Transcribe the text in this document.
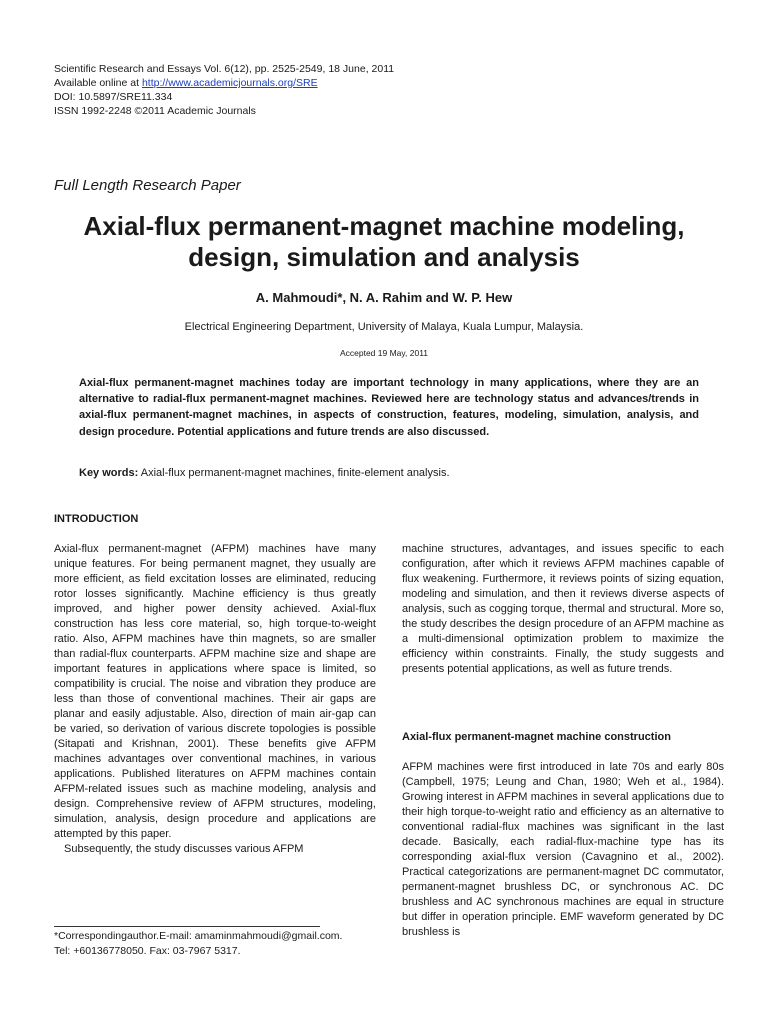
Scientific Research and Essays Vol. 6(12), pp. 2525-2549, 18 June, 2011
Available online at http://www.academicjournals.org/SRE
DOI: 10.5897/SRE11.334
ISSN 1992-2248 ©2011 Academic Journals
Full Length Research Paper
Axial-flux permanent-magnet machine modeling,
design, simulation and analysis
A. Mahmoudi*, N. A. Rahim and W. P. Hew
Electrical Engineering Department, University of Malaya, Kuala Lumpur, Malaysia.
Accepted 19 May, 2011
Axial-flux permanent-magnet machines today are important technology in many applications, where they are an alternative to radial-flux permanent-magnet machines. Reviewed here are technology status and advances/trends in axial-flux permanent-magnet machines, in aspects of construction, features, modeling, simulation, analysis, and design procedure. Potential applications and future trends are also discussed.
Key words: Axial-flux permanent-magnet machines, finite-element analysis.
INTRODUCTION

Axial-flux permanent-magnet (AFPM) machines have many unique features. For being permanent magnet, they usually are more efficient, as field excitation losses are eliminated, reducing rotor losses significantly. Machine efficiency is thus greatly improved, and higher power density achieved. Axial-flux construction has less core material, so, high torque-to-weight ratio. Also, AFPM machines have thin magnets, so are smaller than radial-flux counterparts. AFPM machine size and shape are important features in applications where space is limited, so compatibility is crucial. The noise and vibration they produce are less than those of conventional machines. Their air gaps are planar and easily adjustable. Also, direction of main air-gap can be varied, so derivation of various discrete topologies is possible (Sitapati and Krishnan, 2001). These benefits give AFPM machines advantages over conventional machines, in various applications. Published literatures on AFPM machines contain AFPM-related issues such as machine modeling, analysis and design. Comprehensive review of AFPM structures, modeling, simulation, analysis, design procedure and applications are attempted by this paper.

Subsequently, the study discusses various AFPM

machine structures, advantages, and issues specific to each configuration, after which it reviews AFPM machines capable of flux weakening. Furthermore, it reviews points of sizing equation, modeling and simulation, and then it reviews diverse aspects of analysis, such as cogging torque, thermal and structural. More so, the study describes the design procedure of an AFPM machine as a multi-dimensional optimization problem to maximize the efficiency within constraints. Finally, the study suggests and presents potential applications, as well as future trends.

Axial-flux permanent-magnet machine construction

AFPM machines were first introduced in late 70s and early 80s (Campbell, 1975; Leung and Chan, 1980; Weh et al., 1984). Growing interest in AFPM machines in several applications due to their high torque-to-weight ratio and efficiency as an alternative to conventional radial-flux machines was significant in the last decade. Basically, each radial-flux-machine type has its corresponding axial-flux version (Cavagnino et al., 2002). Practical categorizations are permanent-magnet DC commutator, permanent-magnet brushless DC, or synchronous AC. DC brushless and AC synchronous machines are equal in structure but differ in operation principle. EMF waveform generated by DC brushless is

*Correspondingauthor.E-mail: amaminmahmoudi@gmail.com.
Tel: +60136778050. Fax: 03-7967 5317.
